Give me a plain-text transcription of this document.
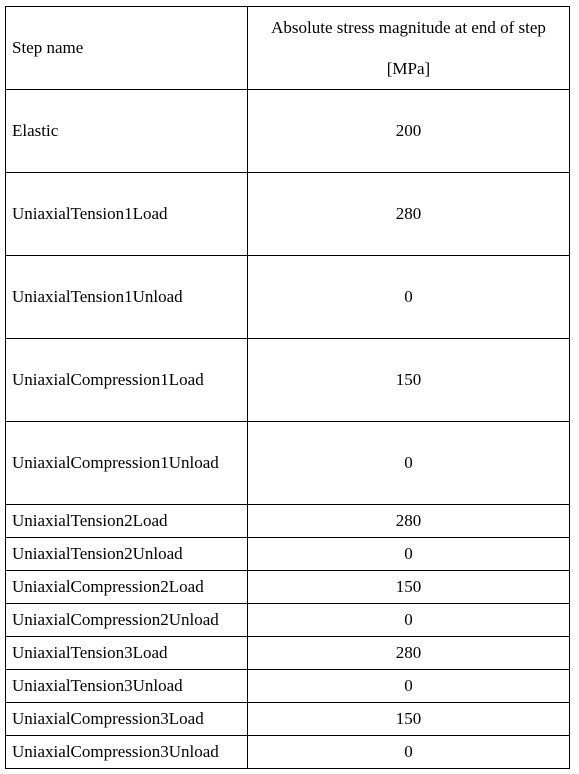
Step name	Absolute stress magnitude at end of step
[MPa]

Elastic	200
UniaxialTension1Load	280
UniaxialTension1Unload	0
UniaxialCompression1Load	150
UniaxialCompression1Unload	0
UniaxialTension2Load	280
UniaxialTension2Unload	0
UniaxialCompression2Load	150
UniaxialCompression2Unload	0
UniaxialTension3Load	280
UniaxialTension3Unload	0
UniaxialCompression3Load	150
UniaxialCompression3Unload	0
